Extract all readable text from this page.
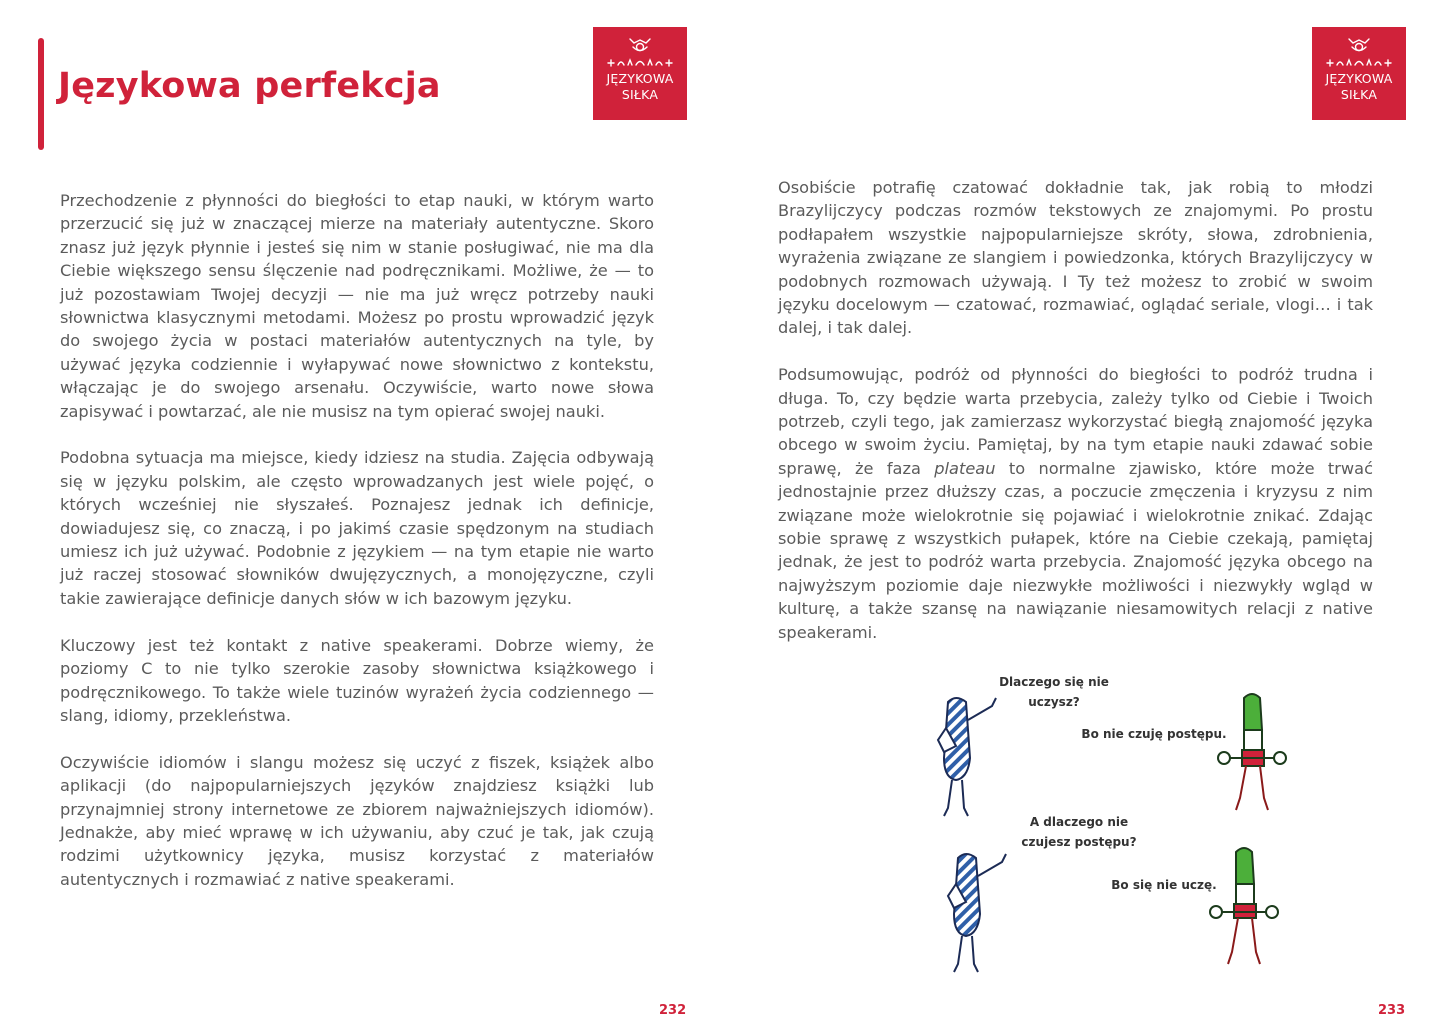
Językowa perfekcja	JĘZYKOWA
SIŁKA

Przechodzenie z płynności do biegłości to etap nauki, w którym warto przerzucić się już w znaczącej mierze na materiały autentyczne. Skoro znasz już język płynnie i jesteś się nim w stanie posługiwać, nie ma dla Ciebie większego sensu ślęczenie nad podręcznikami. Możliwe, że — to już pozostawiam Twojej decyzji — nie ma już wręcz potrzeby nauki słownictwa klasycznymi metodami. Możesz po prostu wprowadzić język do swojego życia w postaci materiałów autentycznych na tyle, by używać języka codziennie i wyłapywać nowe słownictwo z kontekstu, włączając je do swojego arsenału. Oczywiście, warto nowe słowa zapisywać i powtarzać, ale nie musisz na tym opierać swojej nauki.

Podobna sytuacja ma miejsce, kiedy idziesz na studia. Zajęcia odbywają się w języku polskim, ale często wprowadzanych jest wiele pojęć, o których wcześniej nie słyszałeś. Poznajesz jednak ich definicje, dowiadujesz się, co znaczą, i po jakimś czasie spędzonym na studiach umiesz ich już używać. Podobnie z językiem — na tym etapie nie warto już raczej stosować słowników dwujęzycznych, a monojęzyczne, czyli takie zawierające definicje danych słów w ich bazowym języku.

Kluczowy jest też kontakt z native speakerami. Dobrze wiemy, że poziomy C to nie tylko szerokie zasoby słownictwa książkowego i podręcznikowego. To także wiele tuzinów wyrażeń życia codziennego — slang, idiomy, przekleństwa.

Oczywiście idiomów i slangu możesz się uczyć z fiszek, książek albo aplikacji (do najpopularniejszych języków znajdziesz książki lub przynajmniej strony internetowe ze zbiorem najważniejszych idiomów). Jednakże, aby mieć wprawę w ich używaniu, aby czuć je tak, jak czują rodzimi użytkownicy języka, musisz korzystać z materiałów autentycznych i rozmawiać z native speakerami.

232
JĘZYKOWA
SIŁKA

Osobiście potrafię czatować dokładnie tak, jak robią to młodzi Brazylijczycy podczas rozmów tekstowych ze znajomymi. Po prostu podłapałem wszystkie najpopularniejsze skróty, słowa, zdrobnienia, wyrażenia związane ze slangiem i powiedzonka, których Brazylijczycy w podobnych rozmowach używają. I Ty też możesz to zrobić w swoim języku docelowym — czatować, rozmawiać, oglądać seriale, vlogi… i tak dalej, i tak dalej.

Podsumowując, podróż od płynności do biegłości to podróż trudna i długa. To, czy będzie warta przebycia, zależy tylko od Ciebie i Twoich potrzeb, czyli tego, jak zamierzasz wykorzystać biegłą znajomość języka obcego w swoim życiu. Pamiętaj, by na tym etapie nauki zdawać sobie sprawę, że faza plateau to normalne zjawisko, które może trwać jednostajnie przez dłuższy czas, a poczucie zmęczenia i kryzysu z nim związane może wielokrotnie się pojawiać i wielokrotnie znikać. Zdając sobie sprawę z wszystkich pułapek, które na Ciebie czekają, pamiętaj jednak, że jest to podróż warta przebycia. Znajomość języka obcego na najwyższym poziomie daje niezwykłe możliwości i niezwykły wgląd w kulturę, a także szansę na nawiązanie niesamowitych relacji z native speakerami.

Dlaczego się nie
uczysz?
Bo nie czuję postępu.
A dlaczego nie
czujesz postępu?
Bo się nie uczę.
233
